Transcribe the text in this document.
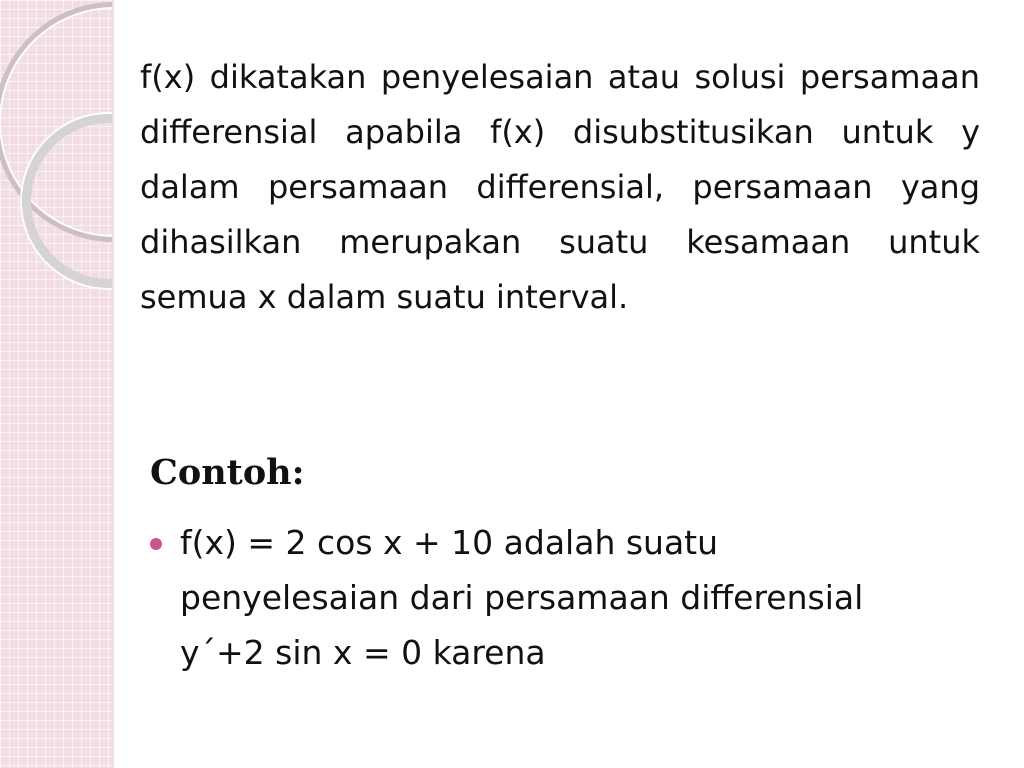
f(x) dikatakan penyelesaian atau solusi persamaan differensial apabila f(x) disubstitusikan untuk y dalam persamaan differensial, persamaan yang dihasilkan merupakan suatu kesamaan untuk semua x dalam suatu interval.

Contoh:
f(x) = 2 cos x + 10 adalah suatu
penyelesaian dari persamaan differensial
y´+2 sin x = 0 karena
